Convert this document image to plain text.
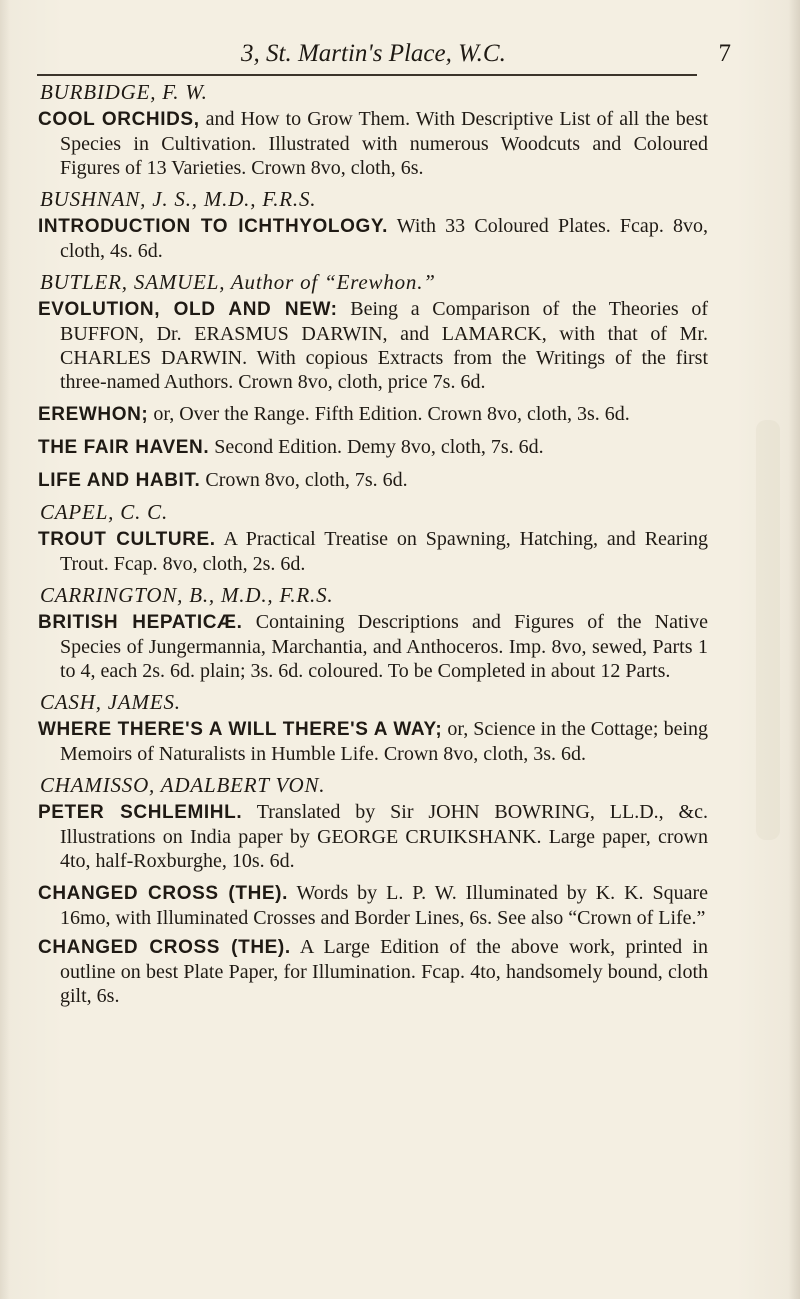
3, St. Martin's Place, W.C.	7

BURBIDGE, F. W.

COOL ORCHIDS, and How to Grow Them. With Descriptive List of all the best Species in Cultivation. Illustrated with numerous Woodcuts and Coloured Figures of 13 Varieties. Crown 8vo, cloth, 6s.

BUSHNAN, J. S., M.D., F.R.S.

INTRODUCTION TO ICHTHYOLOGY. With 33 Coloured Plates. Fcap. 8vo, cloth, 4s. 6d.

BUTLER, SAMUEL, Author of “Erewhon.”

EVOLUTION, OLD AND NEW: Being a Comparison of the Theories of BUFFON, Dr. ERASMUS DARWIN, and LAMARCK, with that of Mr. CHARLES DARWIN. With copious Extracts from the Writings of the first three-named Authors. Crown 8vo, cloth, price 7s. 6d.

EREWHON; or, Over the Range. Fifth Edition. Crown 8vo, cloth, 3s. 6d.

THE FAIR HAVEN. Second Edition. Demy 8vo, cloth, 7s. 6d.

LIFE AND HABIT. Crown 8vo, cloth, 7s. 6d.

CAPEL, C. C.

TROUT CULTURE. A Practical Treatise on Spawning, Hatching, and Rearing Trout. Fcap. 8vo, cloth, 2s. 6d.

CARRINGTON, B., M.D., F.R.S.

BRITISH HEPATICÆ. Containing Descriptions and Figures of the Native Species of Jungermannia, Marchantia, and Anthoceros. Imp. 8vo, sewed, Parts 1 to 4, each 2s. 6d. plain; 3s. 6d. coloured. To be Completed in about 12 Parts.

CASH, JAMES.

WHERE THERE'S A WILL THERE'S A WAY; or, Science in the Cottage; being Memoirs of Naturalists in Humble Life. Crown 8vo, cloth, 3s. 6d.

CHAMISSO, ADALBERT VON.

PETER SCHLEMIHL. Translated by Sir JOHN BOWRING, LL.D., &c. Illustrations on India paper by GEORGE CRUIKSHANK. Large paper, crown 4to, half-Roxburghe, 10s. 6d.

CHANGED CROSS (THE). Words by L. P. W. Illuminated by K. K. Square 16mo, with Illuminated Crosses and Border Lines, 6s. See also “Crown of Life.”

CHANGED CROSS (THE). A Large Edition of the above work, printed in outline on best Plate Paper, for Illumination. Fcap. 4to, handsomely bound, cloth gilt, 6s.
